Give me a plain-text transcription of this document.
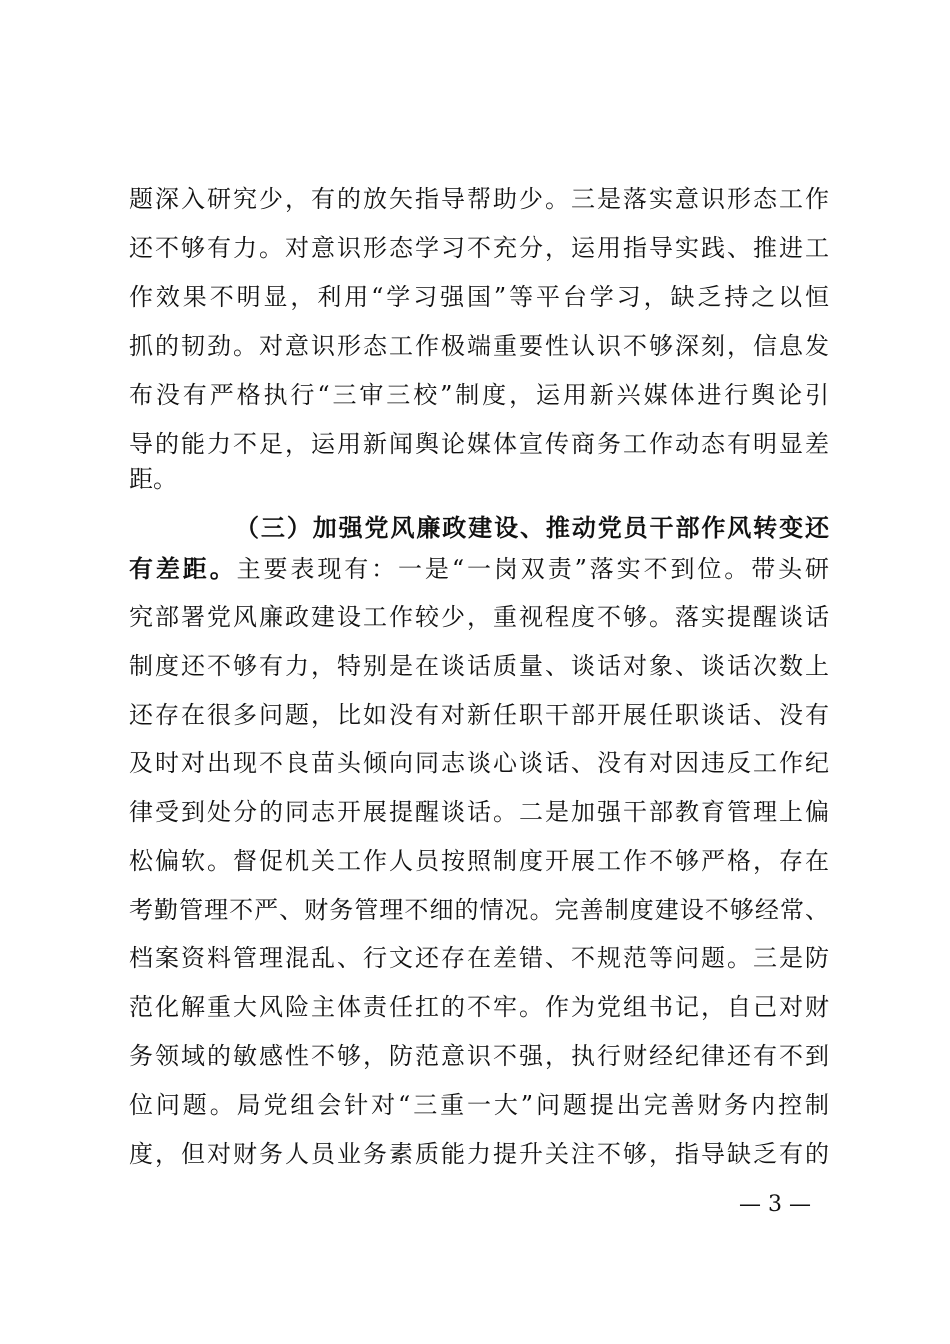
题深入研究少，有的放矢指导帮助少。三是落实意识形态工作
还不够有力。对意识形态学习不充分，运用指导实践、推进工
作效果不明显，利用“学习强国”等平台学习，缺乏持之以恒
抓的韧劲。对意识形态工作极端重要性认识不够深刻，信息发
布没有严格执行“三审三校”制度，运用新兴媒体进行舆论引
导的能力不足，运用新闻舆论媒体宣传商务工作动态有明显差
距。
（三）加强党风廉政建设、推动党员干部作风转变还
有差距。主要表现有：一是“一岗双责”落实不到位。带头研
究部署党风廉政建设工作较少，重视程度不够。落实提醒谈话
制度还不够有力，特别是在谈话质量、谈话对象、谈话次数上
还存在很多问题，比如没有对新任职干部开展任职谈话、没有
及时对出现不良苗头倾向同志谈心谈话、没有对因违反工作纪
律受到处分的同志开展提醒谈话。二是加强干部教育管理上偏
松偏软。督促机关工作人员按照制度开展工作不够严格，存在
考勤管理不严、财务管理不细的情况。完善制度建设不够经常、
档案资料管理混乱、行文还存在差错、不规范等问题。三是防
范化解重大风险主体责任扛的不牢。作为党组书记，自己对财
务领域的敏感性不够，防范意识不强，执行财经纪律还有不到
位问题。局党组会针对“三重一大”问题提出完善财务内控制
度，但对财务人员业务素质能力提升关注不够，指导缺乏有的
— 3 —
